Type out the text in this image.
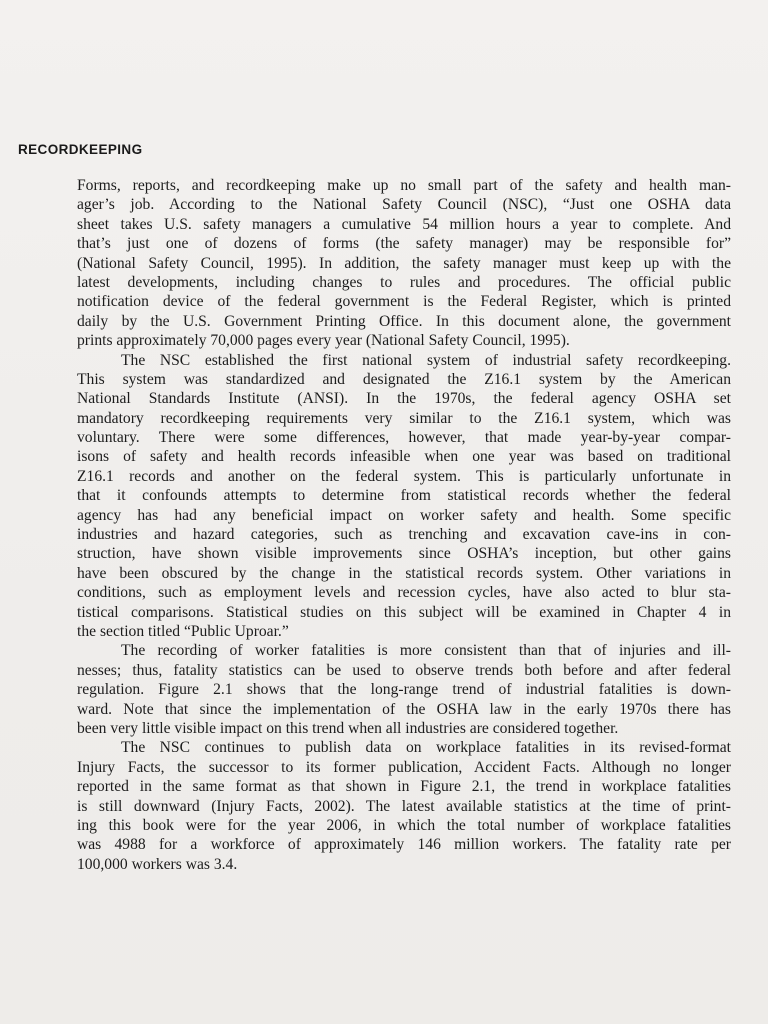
RECORDKEEPING
Forms, reports, and recordkeeping make up no small part of the safety and health man-
ager’s job. According to the National Safety Council (NSC), “Just one OSHA data
sheet takes U.S. safety managers a cumulative 54 million hours a year to complete. And
that’s just one of dozens of forms (the safety manager) may be responsible for”
(National Safety Council, 1995). In addition, the safety manager must keep up with the
latest developments, including changes to rules and procedures. The official public
notification device of the federal government is the Federal Register, which is printed
daily by the U.S. Government Printing Office. In this document alone, the government
prints approximately 70,000 pages every year (National Safety Council, 1995).
The NSC established the first national system of industrial safety recordkeeping.
This system was standardized and designated the Z16.1 system by the American
National Standards Institute (ANSI). In the 1970s, the federal agency OSHA set
mandatory recordkeeping requirements very similar to the Z16.1 system, which was
voluntary. There were some differences, however, that made year-by-year compar-
isons of safety and health records infeasible when one year was based on traditional
Z16.1 records and another on the federal system. This is particularly unfortunate in
that it confounds attempts to determine from statistical records whether the federal
agency has had any beneficial impact on worker safety and health. Some specific
industries and hazard categories, such as trenching and excavation cave-ins in con-
struction, have shown visible improvements since OSHA’s inception, but other gains
have been obscured by the change in the statistical records system. Other variations in
conditions, such as employment levels and recession cycles, have also acted to blur sta-
tistical comparisons. Statistical studies on this subject will be examined in Chapter 4 in
the section titled “Public Uproar.”
The recording of worker fatalities is more consistent than that of injuries and ill-
nesses; thus, fatality statistics can be used to observe trends both before and after federal
regulation. Figure 2.1 shows that the long-range trend of industrial fatalities is down-
ward. Note that since the implementation of the OSHA law in the early 1970s there has
been very little visible impact on this trend when all industries are considered together.
The NSC continues to publish data on workplace fatalities in its revised-format
Injury Facts, the successor to its former publication, Accident Facts. Although no longer
reported in the same format as that shown in Figure 2.1, the trend in workplace fatalities
is still downward (Injury Facts, 2002). The latest available statistics at the time of print-
ing this book were for the year 2006, in which the total number of workplace fatalities
was 4988 for a workforce of approximately 146 million workers. The fatality rate per
100,000 workers was 3.4.
